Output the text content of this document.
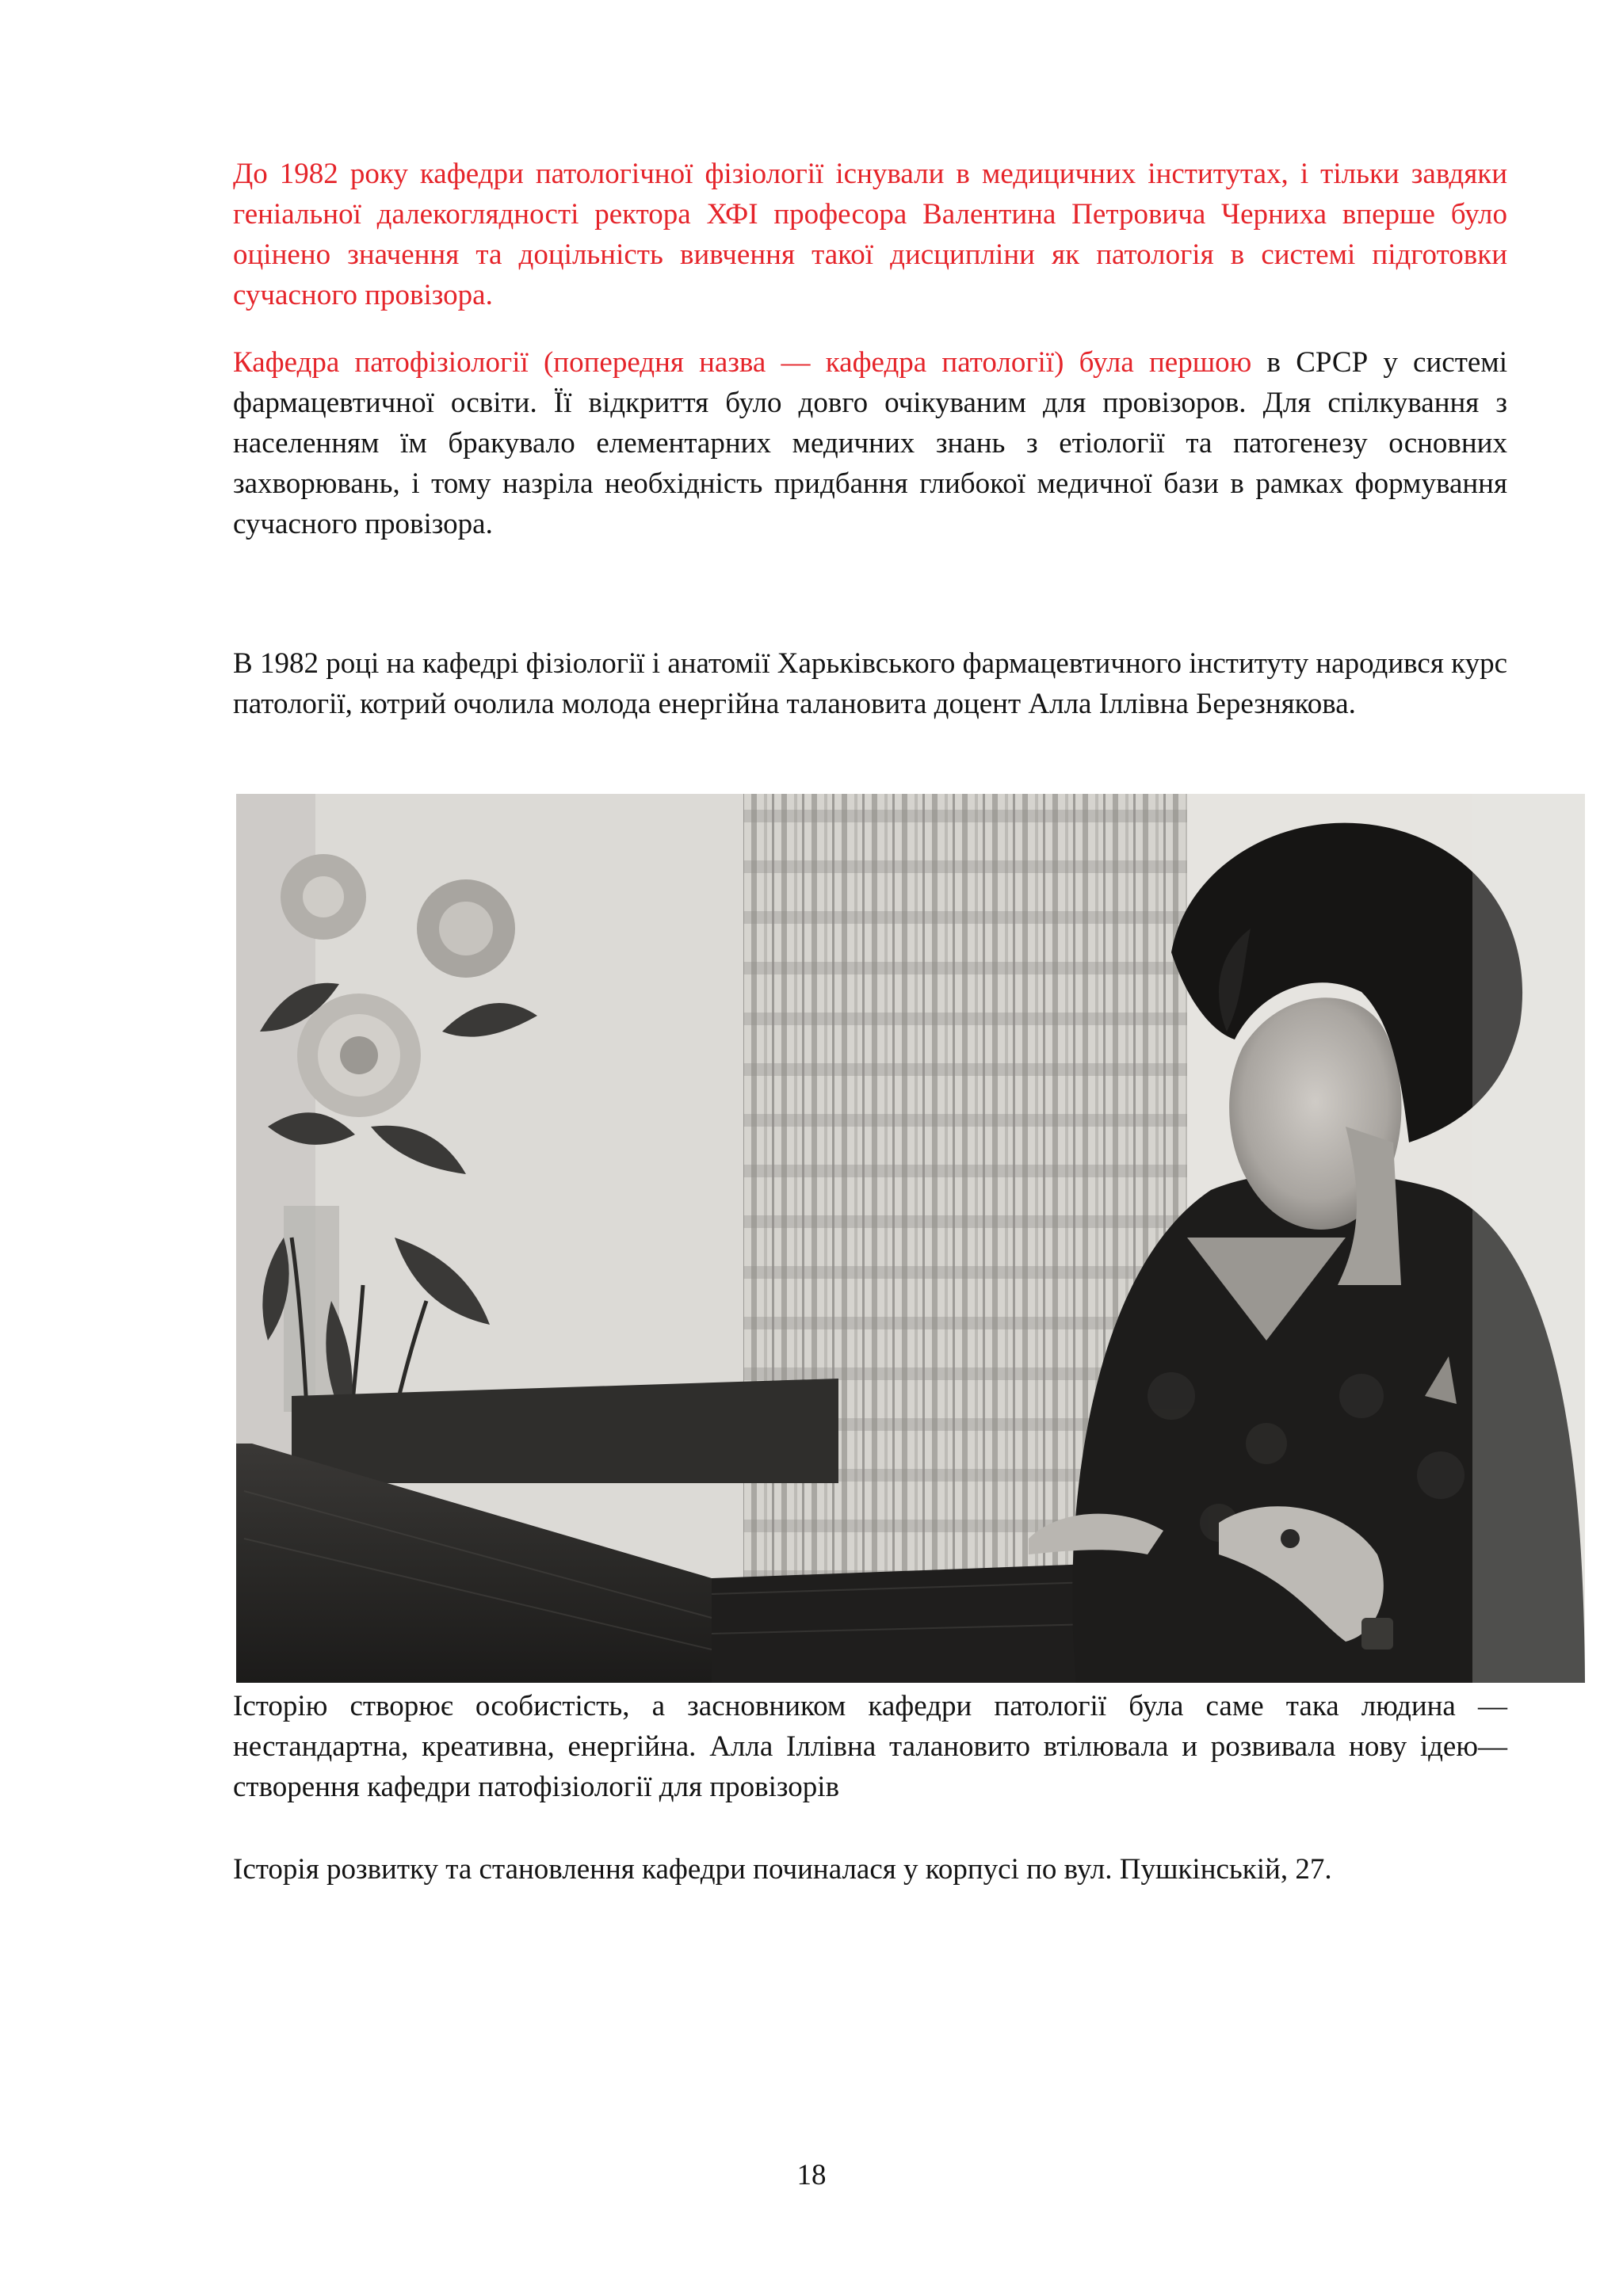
До 1982 року кафедри патологічної фізіології існували в медицичних інститутах, і тільки завдяки геніальної далекоглядності ректора ХФІ професора Валентина Петровича Черниха вперше було оцінено значення та доцільність вивчення такої дисципліни як патологія в системі підготовки сучасного провізора.

Кафедра патофізіології (попередня назва — кафедра патології) була першою в СРСР у системі фармацевтичної освіти. Її відкриття було довго очікуваним для провізоров. Для спілкування з населенням їм бракувало елементарних медичних знань з етіології та патогенезу основних захворювань, і тому назріла необхідність придбання глибокої медичної бази в рамках формування сучасного провізора.

В 1982 році на кафедрі фізіології і анатомії Харьківського фармацевтичного інституту народився курс патології, котрий очолила молода енергійна талановита доцент Алла Іллівна Березнякова.

Історію створює особистість, а засновником кафедри патології була саме така людина — нестандартна, креативна, енергійна. Алла Іллівна талановито втілювала и розвивала нову ідею— створення кафедри патофізіології для провізорів

Історія розвитку та становлення кафедри починалася у корпусі по вул. Пушкінській, 27.

18
